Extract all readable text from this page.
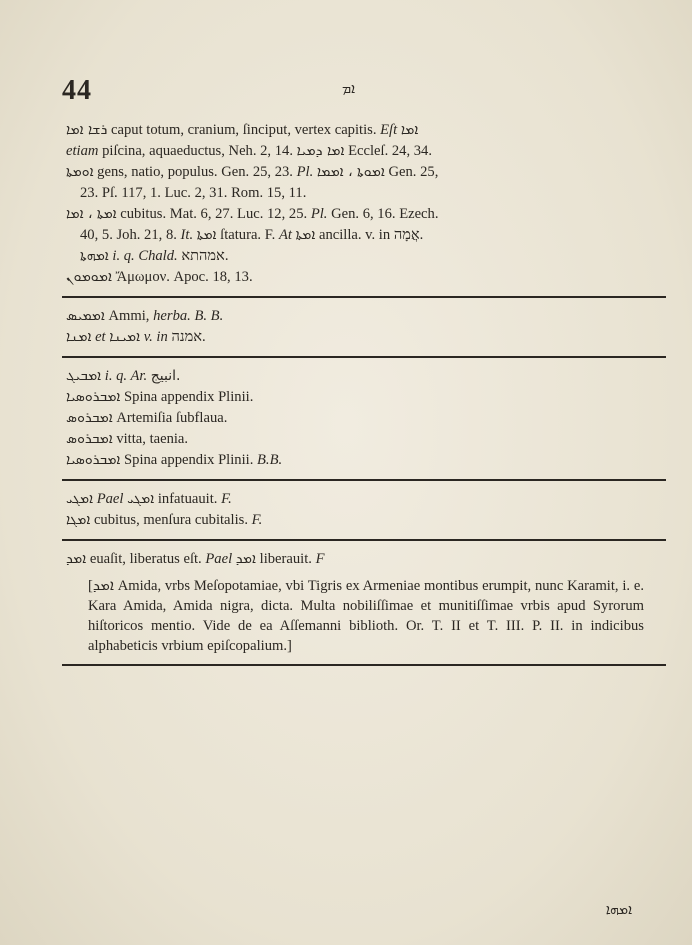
44	ܐܡ
ܪܫܐ ܐܡܐ caput totum, cranium, ſinciput, vertex capitis. Eſt ܐܡܐ
etiam piſcina, aquaeductus, Neh. 2, 14. ܐܡܐ ܕܡܝܐ Eccleſ. 24, 34.
ܐܘܡܬܐ gens, natio, populus. Gen. 25, 23. Pl. ܐܡܘܬܐ ، ܐܡܡܐ Gen. 25,
23. Pſ. 117, 1. Luc. 2, 31. Rom. 15, 11.
ܐܡܬܐ ، ܐܡܐ cubitus. Mat. 6, 27. Luc. 12, 25. Pl. Gen. 6, 16. Ezech.
40, 5. Joh. 21, 8. It. ܐܡܬܐ ſtatura. F. At ܐܡܬܐ ancilla. v. in אֲמָה.
ܐܡܗܬܐ i. q. Chald. אמהתא.
ܐܡܘܡܘܢ Ἄμωμον. Apoc. 18, 13.
ܐܡܡܝܣ Ammi, herba. B. B.
ܐܡܢܐ et ܐܡܝܢܐ v. in אמנה.
ܐܡܒܝܓ i. q. Ar. انبيج.
ܐܡܒܪܘܣܝܐ Spina appendix Plinii.
ܐܡܒܪܘܣ Artemiſia ſubflaua.
ܐܡܒܪܘܣ vitta, taenia.
ܐܡܒܪܘܣܝܐ Spina appendix Plinii. B.B.
ܐܡܓܝ Pael ܐܡܓܝ infatuauit. F.
ܐܡܓܐ cubitus, menſura cubitalis. F.
ܐܡܕ euaſit, liberatus eſt. Pael ܐܡܕ liberauit. F
[ܐܡܕ Amida, vrbs Meſopotamiae, vbi Tigris ex Armeniae montibus erumpit, nunc Karamit, i. e. Kara Amida, Amida nigra, dicta. Multa nobiliſſimae et munitiſſimae vrbis apud Syrorum hiſtoricos mentio. Vide de ea Aſſemanni biblioth. Or. T. II et T. III. P. II. in indicibus alphabeticis vrbium epiſcopalium.]
ܐܡܗܐ
